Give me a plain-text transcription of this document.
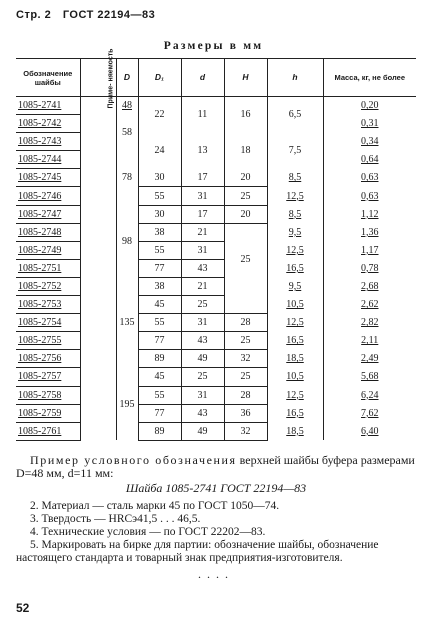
Стр. 2 ГОСТ 22194—83
Размеры в мм
Обозначение шайбы	Приме- няемость	D	D₁	d	H	h	Масса, кг, не более
1085-2741		48	22	11	16	6,5	0,20
1085-2742		58					0,31
1085-2743			24	13	18	7,5	0,34
1085-2744		78					0,64
1085-2745			30	17	20	8,5	0,63
1085-2746			55	31	25	12,5	0,63
1085-2747		98	30	17	20	8,5	1,12
1085-2748			38	21	25	9,5	1,36
1085-2749			55	31		12,5	1,17
1085-2751			77	43		16,5	0,78
1085-2752		135	38	21		9,5	2,68
1085-2753			45	25		10,5	2,62
1085-2754			55	31	28	12,5	2,82
1085-2755			77	43	25	16,5	2,11
1085-2756			89	49	32	18,5	2,49
1085-2757		195	45	25	25	10,5	5,68
1085-2758			55	31	28	12,5	6,24
1085-2759			77	43	36	16,5	7,62
1085-2761			89	49	32	18,5	6,40
Пример условного обозначения верхней шайбы буфера размерами D=48 мм, d=11 мм:
Шайба 1085-2741 ГОСТ 22194—83
2. Материал — сталь марки 45 по ГОСТ 1050—74.
3. Твердость — HRCэ41,5 . . . 46,5.
4. Технические условия — по ГОСТ 22202—83.
5. Маркировать на бирке для партии: обозначение шайбы, обозначение настоящего стандарта и товарный знак предприятия-изготовителя.
· · · ·
52
